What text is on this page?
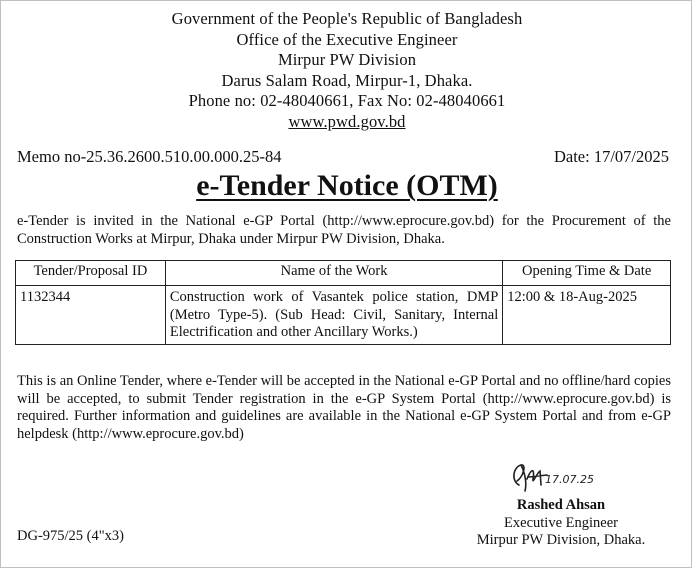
Government of the People's Republic of Bangladesh
Office of the Executive Engineer
Mirpur PW Division
Darus Salam Road, Mirpur-1, Dhaka.
Phone no: 02-48040661, Fax No: 02-48040661
www.pwd.gov.bd
Memo no-25.36.2600.510.00.000.25-84	Date: 17/07/2025
e-Tender Notice (OTM)
e-Tender is invited in the National e-GP Portal (http://www.eprocure.gov.bd) for the Procurement of the Construction Works at Mirpur, Dhaka under Mirpur PW Division, Dhaka.
Tender/Proposal ID	Name of the Work	Opening Time & Date
1132344	Construction work of Vasantek police station, DMP (Metro Type-5). (Sub Head: Civil, Sanitary, Internal Electrification and other Ancillary Works.)	12:00 & 18-Aug-2025
This is an Online Tender, where e-Tender will be accepted in the National e-GP Portal and no offline/hard copies will be accepted, to submit Tender registration in the e-GP System Portal (http://www.eprocure.gov.bd) is required. Further information and guidelines are available in the National e-GP System Portal and from e-GP helpdesk (http://www.eprocure.gov.bd)
17.07.25
Rashed Ahsan
Executive Engineer
Mirpur PW Division, Dhaka.
DG-975/25 (4"x3)
